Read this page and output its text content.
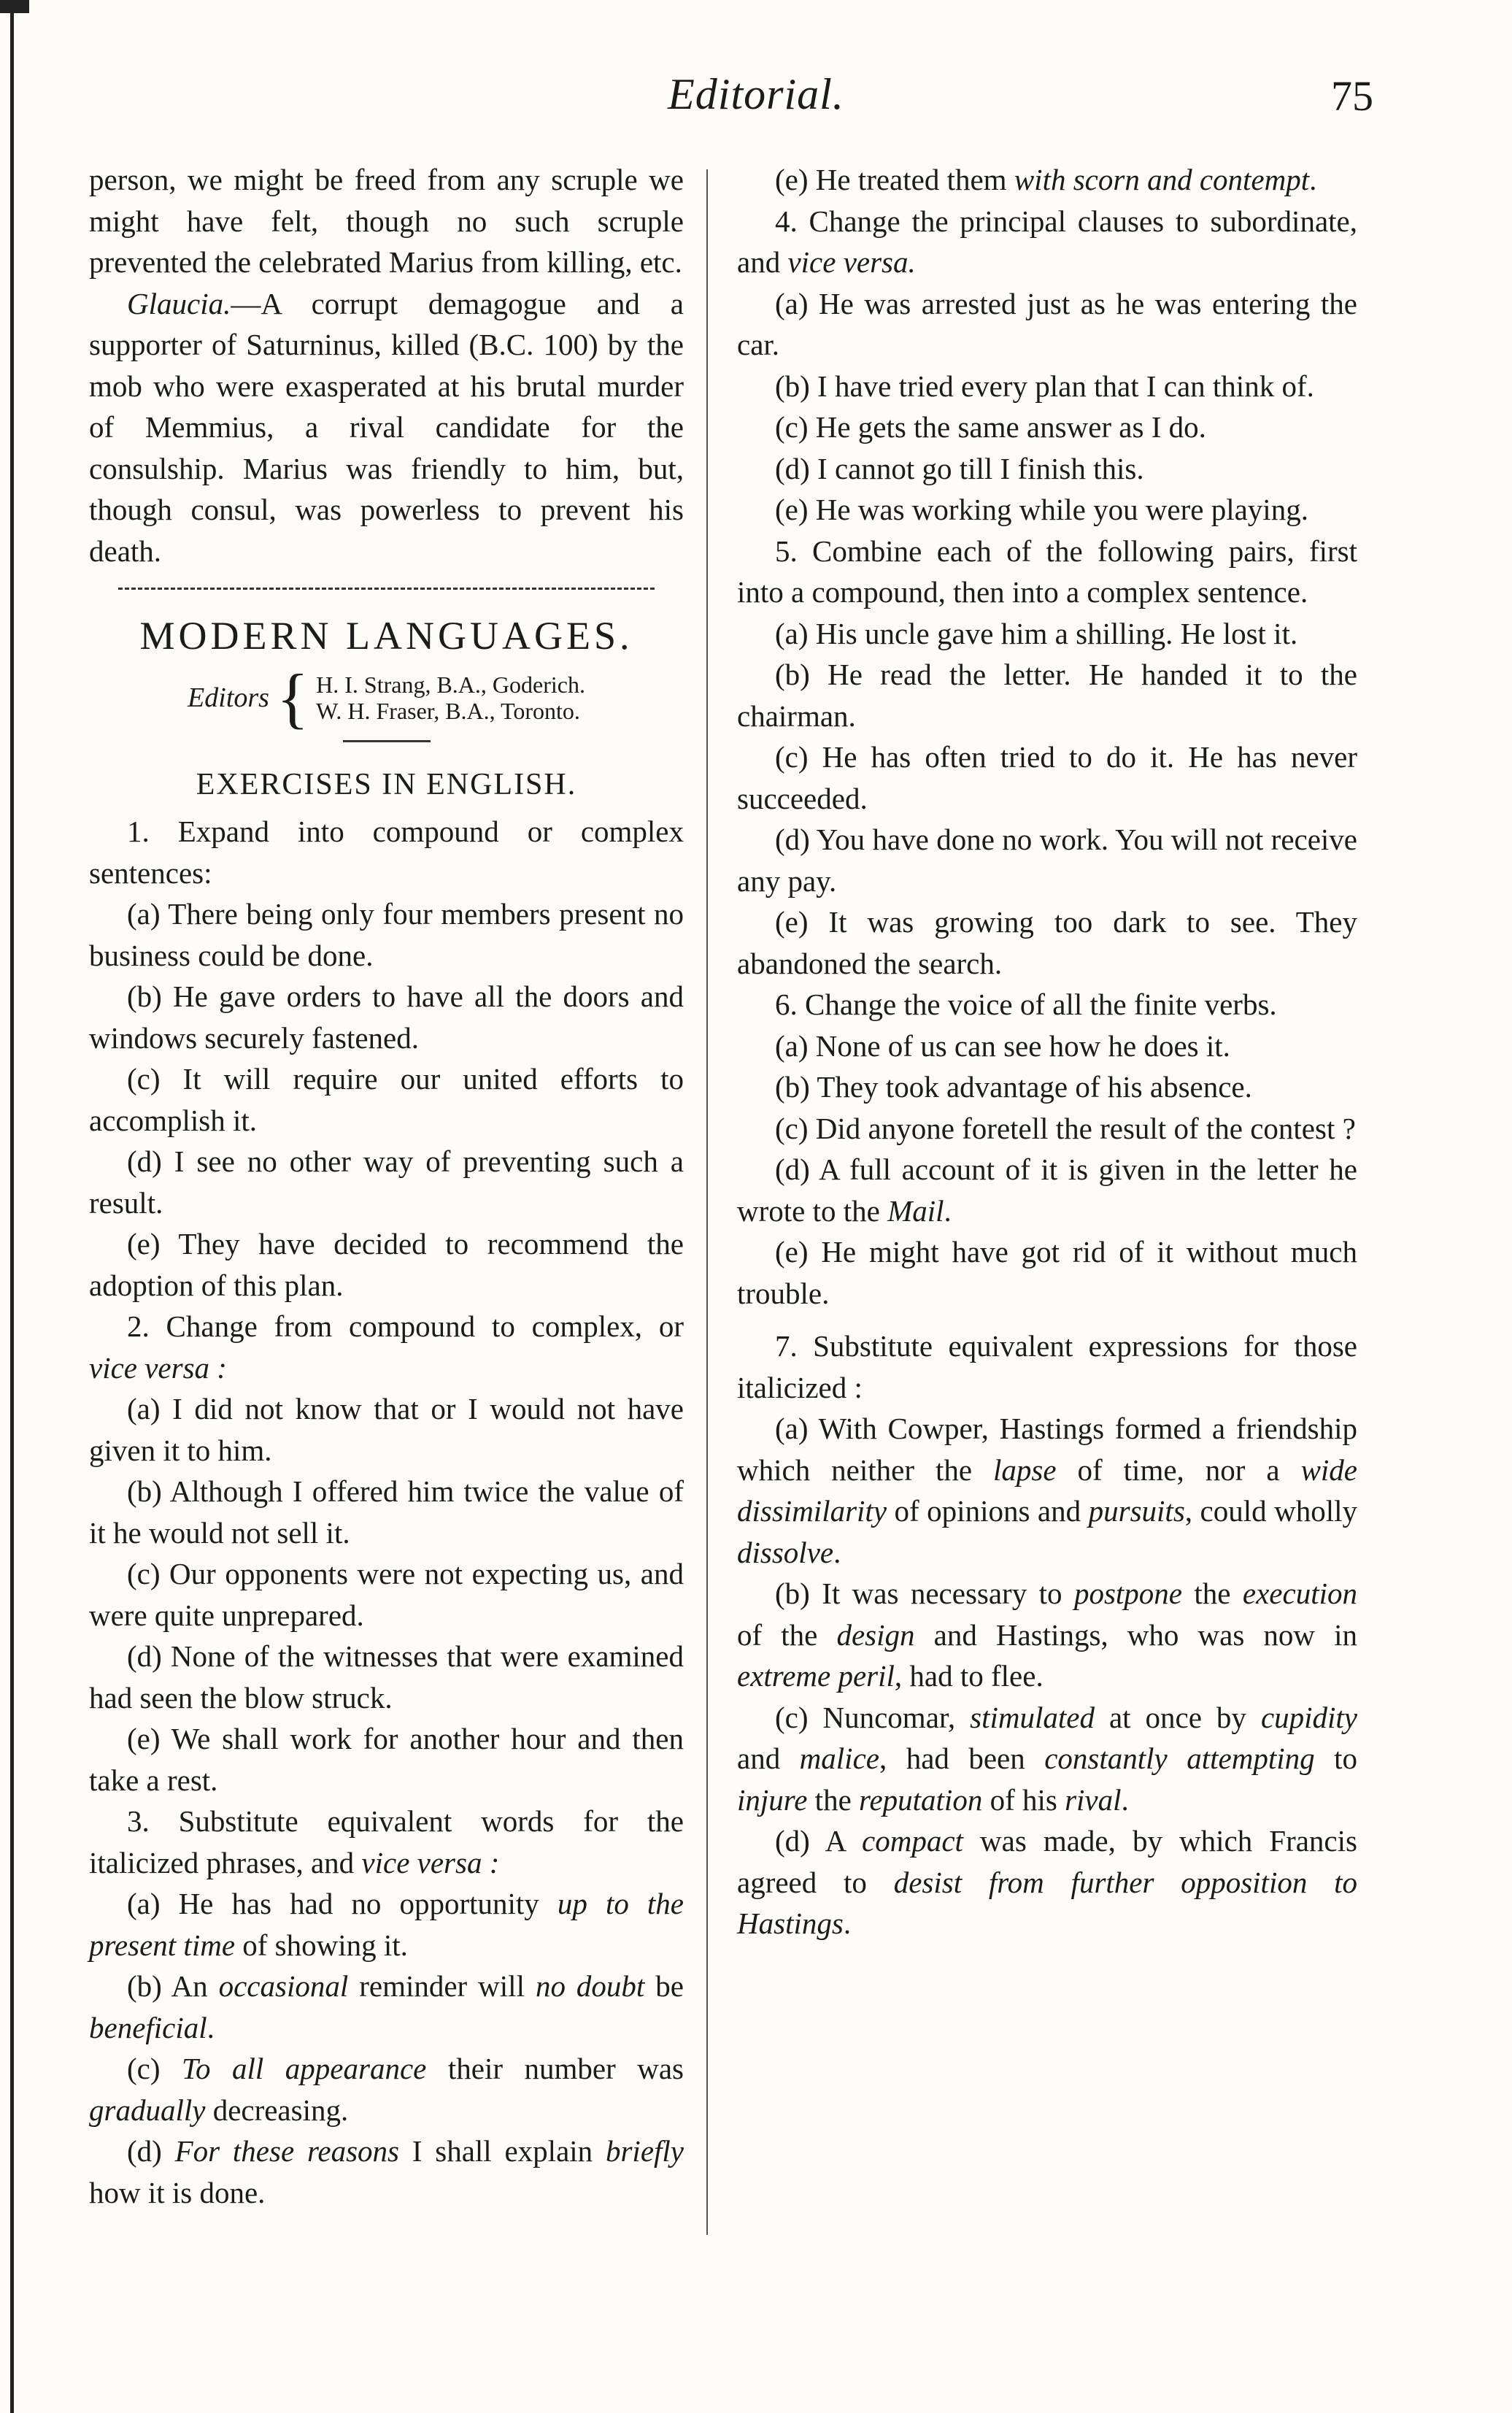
Editorial.	75

person, we might be freed from any scruple we might have felt, though no such scruple prevented the celebrated Marius from killing, etc.

Glaucia.—A corrupt demagogue and a supporter of Saturninus, killed (B.C. 100) by the mob who were exasperated at his brutal murder of Memmius, a rival candidate for the consulship. Marius was friendly to him, but, though consul, was powerless to prevent his death.

MODERN LANGUAGES.
Editors { H. I. Strang, B.A., Goderich.
W. H. Fraser, B.A., Toronto.
EXERCISES IN ENGLISH.

1. Expand into compound or complex sentences:

(a) There being only four members present no business could be done.

(b) He gave orders to have all the doors and windows securely fastened.

(c) It will require our united efforts to accomplish it.

(d) I see no other way of preventing such a result.

(e) They have decided to recommend the adoption of this plan.

2. Change from compound to complex, or vice versa :

(a) I did not know that or I would not have given it to him.

(b) Although I offered him twice the value of it he would not sell it.

(c) Our opponents were not expecting us, and were quite unprepared.

(d) None of the witnesses that were examined had seen the blow struck.

(e) We shall work for another hour and then take a rest.

3. Substitute equivalent words for the italicized phrases, and vice versa :

(a) He has had no opportunity up to the present time of showing it.

(b) An occasional reminder will no doubt be beneficial.

(c) To all appearance their number was gradually decreasing.

(d) For these reasons I shall explain briefly how it is done.

(e) He treated them with scorn and contempt.

4. Change the principal clauses to subordinate, and vice versa.

(a) He was arrested just as he was entering the car.

(b) I have tried every plan that I can think of.

(c) He gets the same answer as I do.

(d) I cannot go till I finish this.

(e) He was working while you were playing.

5. Combine each of the following pairs, first into a compound, then into a complex sentence.

(a) His uncle gave him a shilling. He lost it.

(b) He read the letter. He handed it to the chairman.

(c) He has often tried to do it. He has never succeeded.

(d) You have done no work. You will not receive any pay.

(e) It was growing too dark to see. They abandoned the search.

6. Change the voice of all the finite verbs.

(a) None of us can see how he does it.

(b) They took advantage of his absence.

(c) Did anyone foretell the result of the contest ?

(d) A full account of it is given in the letter he wrote to the Mail.

(e) He might have got rid of it without much trouble.

7. Substitute equivalent expressions for those italicized :

(a) With Cowper, Hastings formed a friendship which neither the lapse of time, nor a wide dissimilarity of opinions and pursuits, could wholly dissolve.

(b) It was necessary to postpone the execution of the design and Hastings, who was now in extreme peril, had to flee.

(c) Nuncomar, stimulated at once by cupidity and malice, had been constantly attempting to injure the reputation of his rival.

(d) A compact was made, by which Francis agreed to desist from further opposition to Hastings.
